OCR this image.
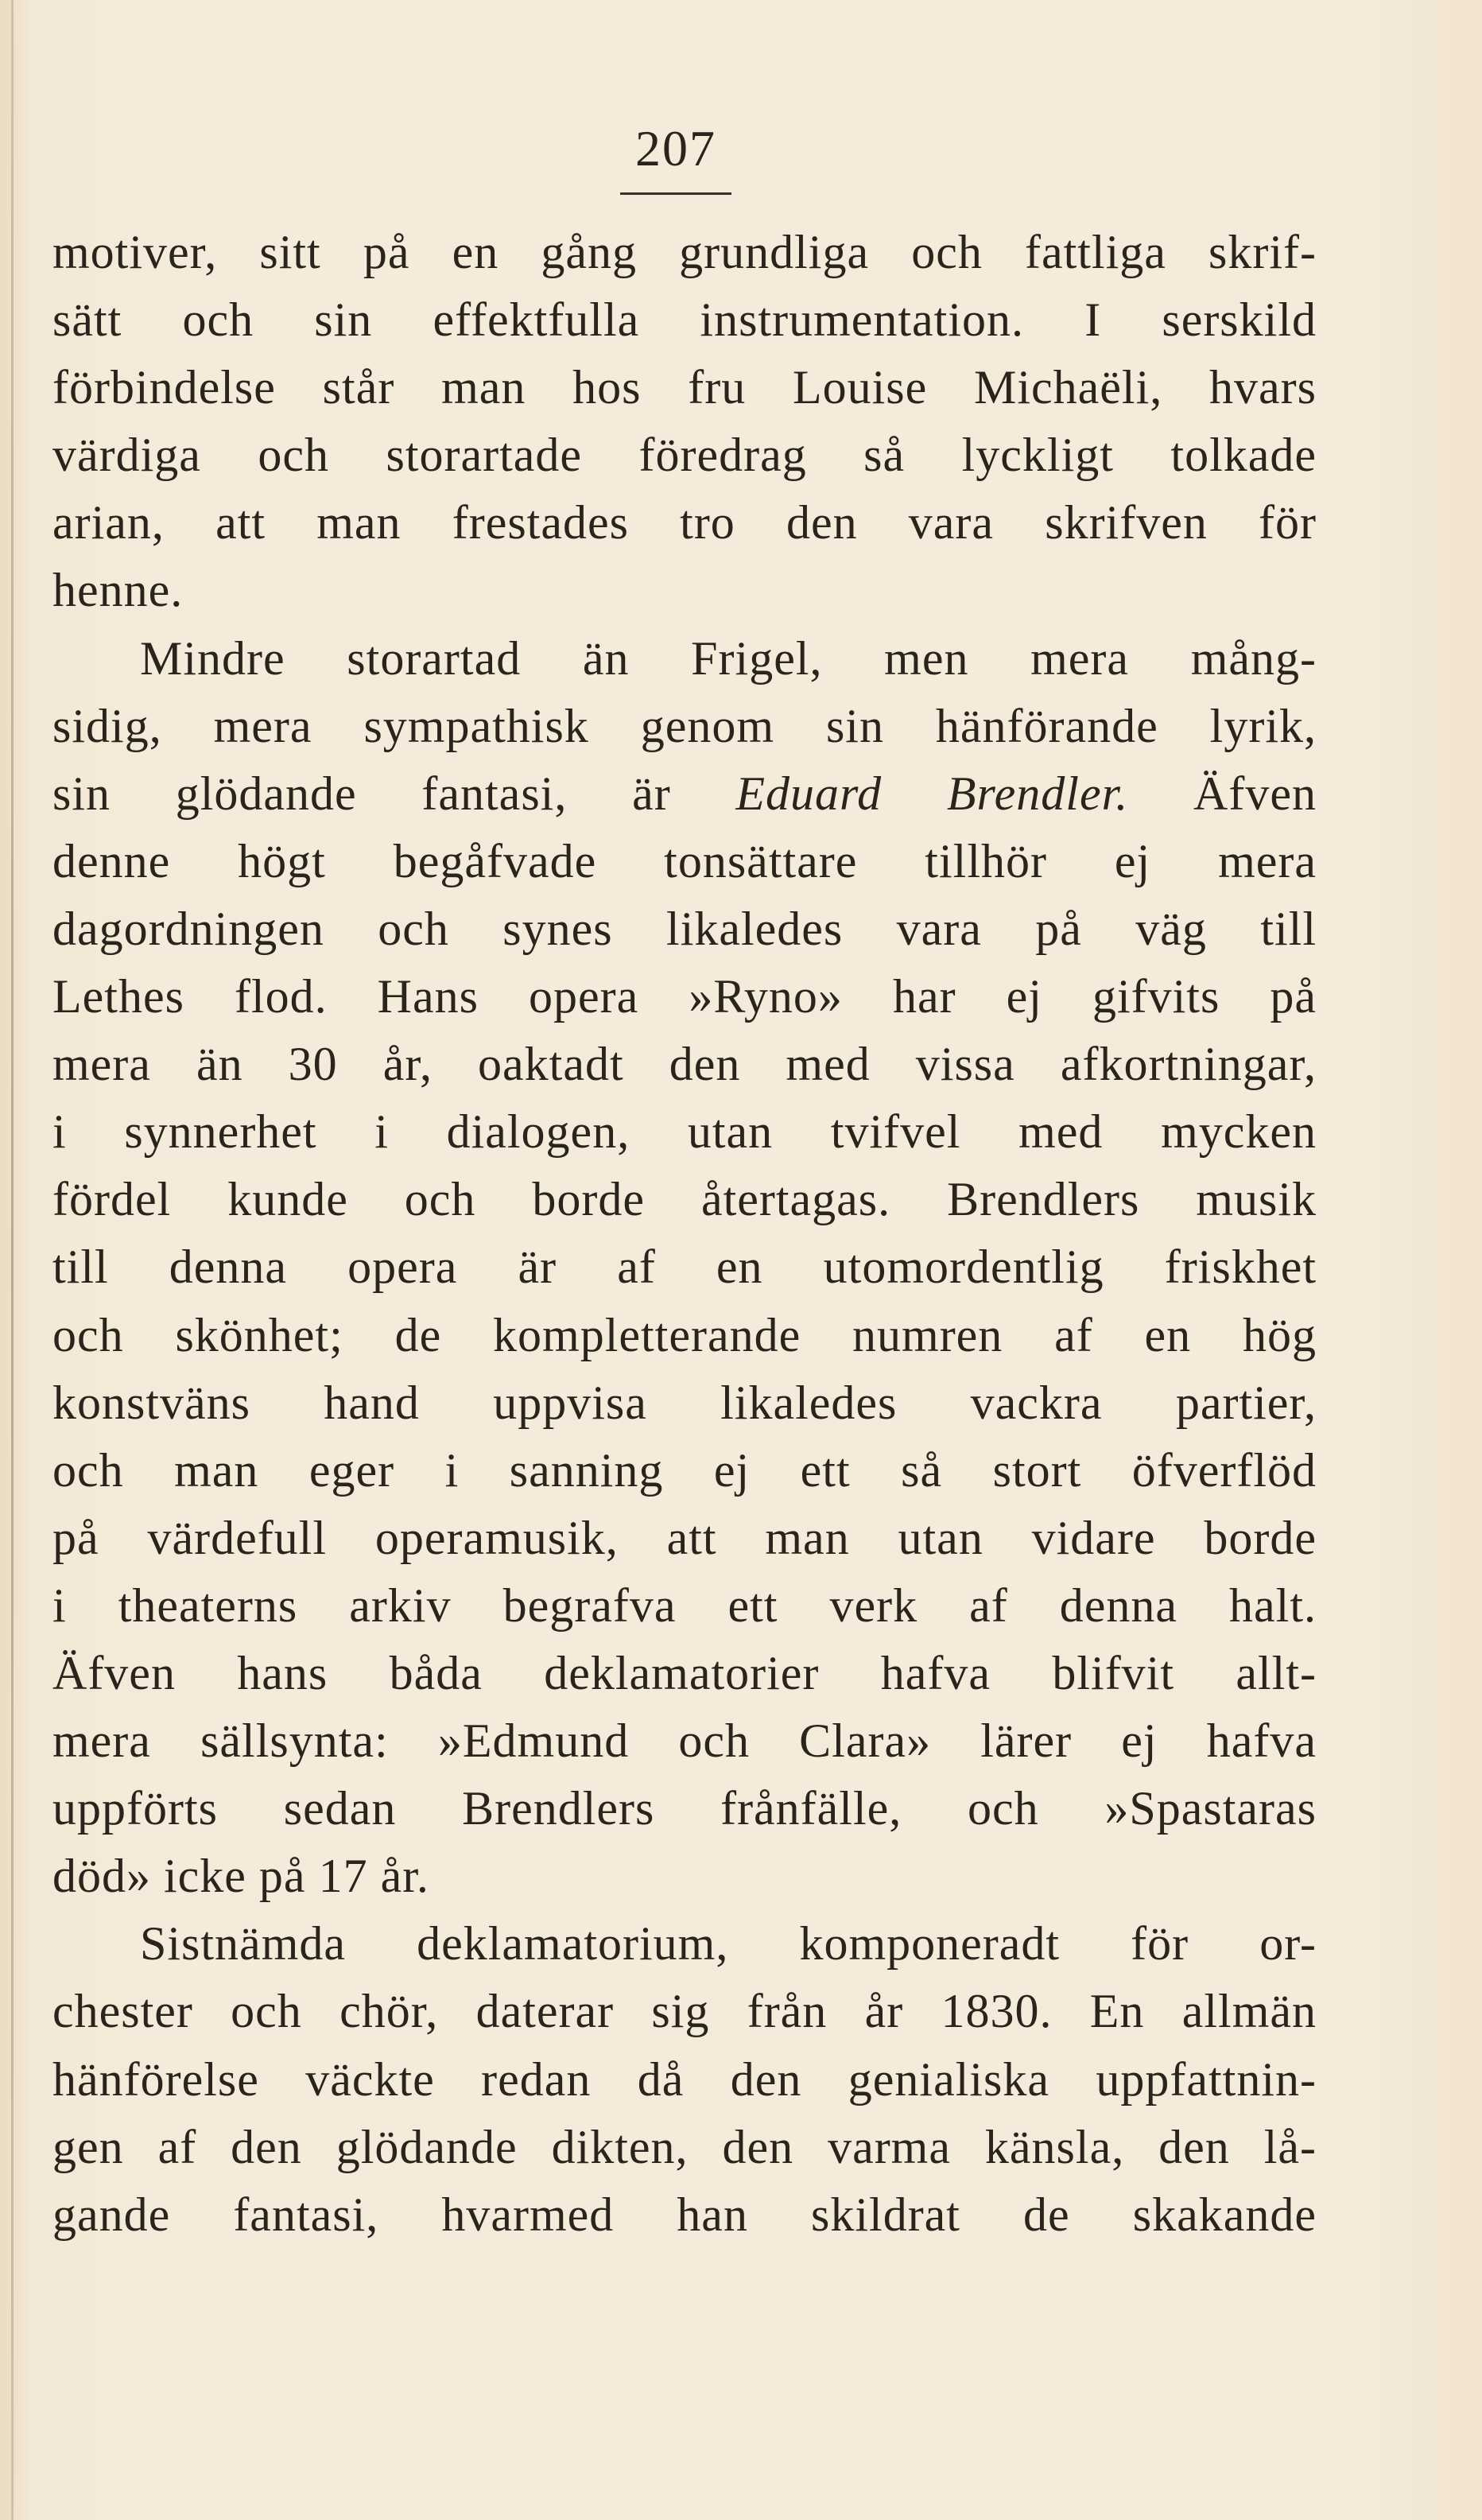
207
motiver, sitt på en gång grundliga och fattliga skrif-
sätt och sin effektfulla instrumentation. I serskild
förbindelse står man hos fru Louise Michaëli, hvars
värdiga och storartade föredrag så lyckligt tolkade
arian, att man frestades tro den vara skrifven för
henne.
Mindre storartad än Frigel, men mera mång-
sidig, mera sympathisk genom sin hänförande lyrik,
sin glödande fantasi, är Eduard Brendler. Äfven
denne högt begåfvade tonsättare tillhör ej mera
dagordningen och synes likaledes vara på väg till
Lethes flod. Hans opera »Ryno» har ej gifvits på
mera än 30 år, oaktadt den med vissa afkortningar,
i synnerhet i dialogen, utan tvifvel med mycken
fördel kunde och borde återtagas. Brendlers musik
till denna opera är af en utomordentlig friskhet
och skönhet; de kompletterande numren af en hög
konstväns hand uppvisa likaledes vackra partier,
och man eger i sanning ej ett så stort öfverflöd
på värdefull operamusik, att man utan vidare borde
i theaterns arkiv begrafva ett verk af denna halt.
Äfven hans båda deklamatorier hafva blifvit allt-
mera sällsynta: »Edmund och Clara» lärer ej hafva
uppförts sedan Brendlers frånfälle, och »Spastaras
död» icke på 17 år.
Sistnämda deklamatorium, komponeradt för or-
chester och chör, daterar sig från år 1830. En allmän
hänförelse väckte redan då den genialiska uppfattnin-
gen af den glödande dikten, den varma känsla, den lå-
gande fantasi, hvarmed han skildrat de skakande
